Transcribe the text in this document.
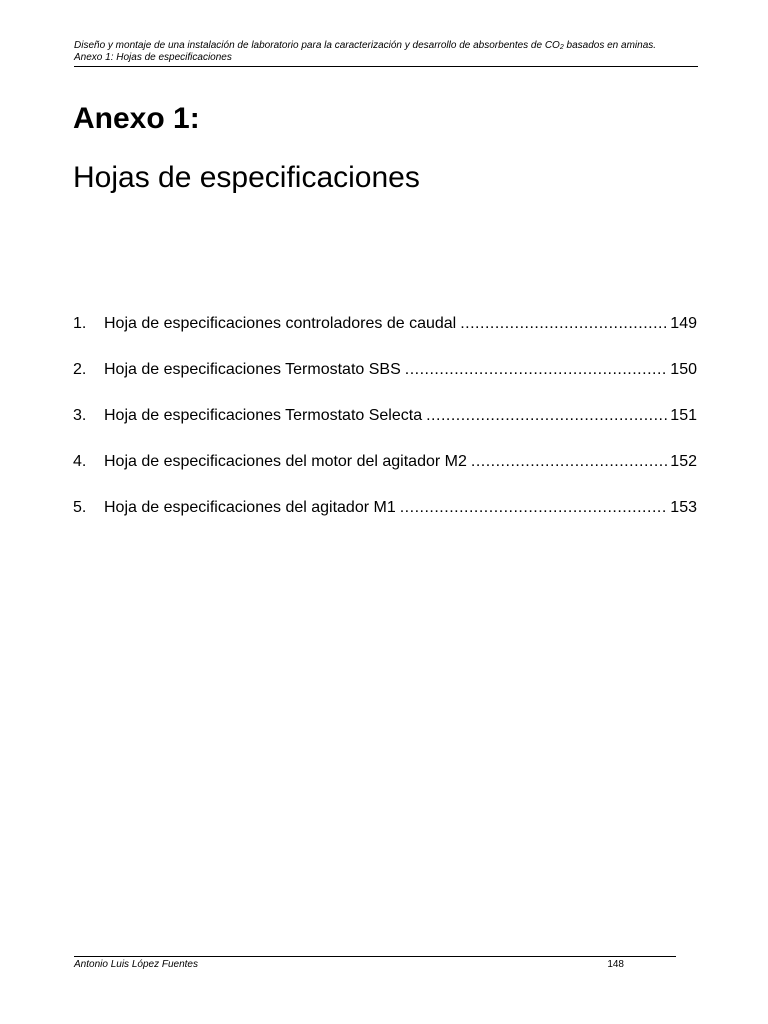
Diseño y montaje de una instalación de laboratorio para la caracterización y desarrollo de absorbentes de $CO_2$ basados en aminas.
Anexo 1: Hojas de especificaciones
Anexo 1:
Hojas de especificaciones
1.	Hoja de especificaciones controladores de caudal .....	149
2.	Hoja de especificaciones Termostato SBS .....	150
3.	Hoja de especificaciones Termostato Selecta .....	151
4.	Hoja de especificaciones del motor del agitador M2 .....	152
5.	Hoja de especificaciones del agitador M1 .....	153
Antonio Luis López Fuentes	148
